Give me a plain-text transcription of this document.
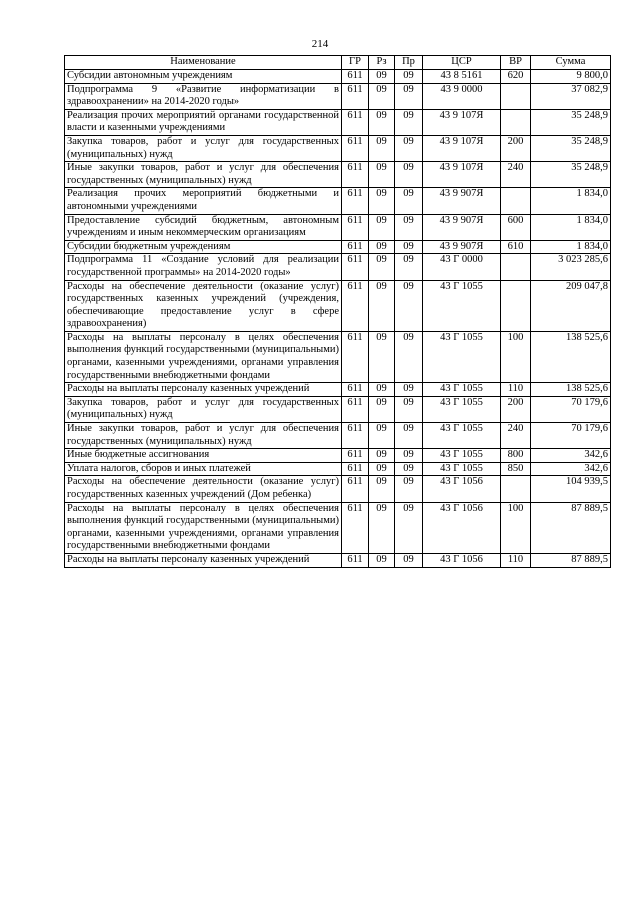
214
Наименование	ГР	Рз	Пр	ЦСР	ВР	Сумма
Субсидии автономным учреждениям	611	09	09	43 8 5161	620	9 800,0
Подпрограмма 9 «Развитие информатизации в здравоохранении» на 2014-2020 годы»	611	09	09	43 9 0000		37 082,9
Реализация прочих мероприятий органами государственной власти и казенными учреждениями	611	09	09	43 9 107Я		35 248,9
Закупка товаров, работ и услуг для государственных (муниципальных) нужд	611	09	09	43 9 107Я	200	35 248,9
Иные закупки товаров, работ и услуг для обеспечения государственных (муниципальных) нужд	611	09	09	43 9 107Я	240	35 248,9
Реализация прочих мероприятий бюджетными и автономными учреждениями	611	09	09	43 9 907Я		1 834,0
Предоставление субсидий бюджетным, автономным учреждениям и иным некоммерческим организациям	611	09	09	43 9 907Я	600	1 834,0
Субсидии бюджетным учреждениям	611	09	09	43 9 907Я	610	1 834,0
Подпрограмма 11 «Создание условий для реализации государственной программы» на 2014-2020 годы»	611	09	09	43 Г 0000		3 023 285,6
Расходы на обеспечение деятельности (оказание услуг) государственных казенных учреждений (учреждения, обеспечивающие предоставление услуг в сфере здравоохранения)	611	09	09	43 Г 1055		209 047,8
Расходы на выплаты персоналу в целях обеспечения выполнения функций государственными (муниципальными) органами, казенными учреждениями, органами управления государственными внебюджетными фондами	611	09	09	43 Г 1055	100	138 525,6
Расходы на выплаты персоналу казенных учреждений	611	09	09	43 Г 1055	110	138 525,6
Закупка товаров, работ и услуг для государственных (муниципальных) нужд	611	09	09	43 Г 1055	200	70 179,6
Иные закупки товаров, работ и услуг для обеспечения государственных (муниципальных) нужд	611	09	09	43 Г 1055	240	70 179,6
Иные бюджетные ассигнования	611	09	09	43 Г 1055	800	342,6
Уплата налогов, сборов и иных платежей	611	09	09	43 Г 1055	850	342,6
Расходы на обеспечение деятельности (оказание услуг) государственных казенных учреждений (Дом ребенка)	611	09	09	43 Г 1056		104 939,5
Расходы на выплаты персоналу в целях обеспечения выполнения функций государственными (муниципальными) органами, казенными учреждениями, органами управления государственными внебюджетными фондами	611	09	09	43 Г 1056	100	87 889,5
Расходы на выплаты персоналу казенных учреждений	611	09	09	43 Г 1056	110	87 889,5
